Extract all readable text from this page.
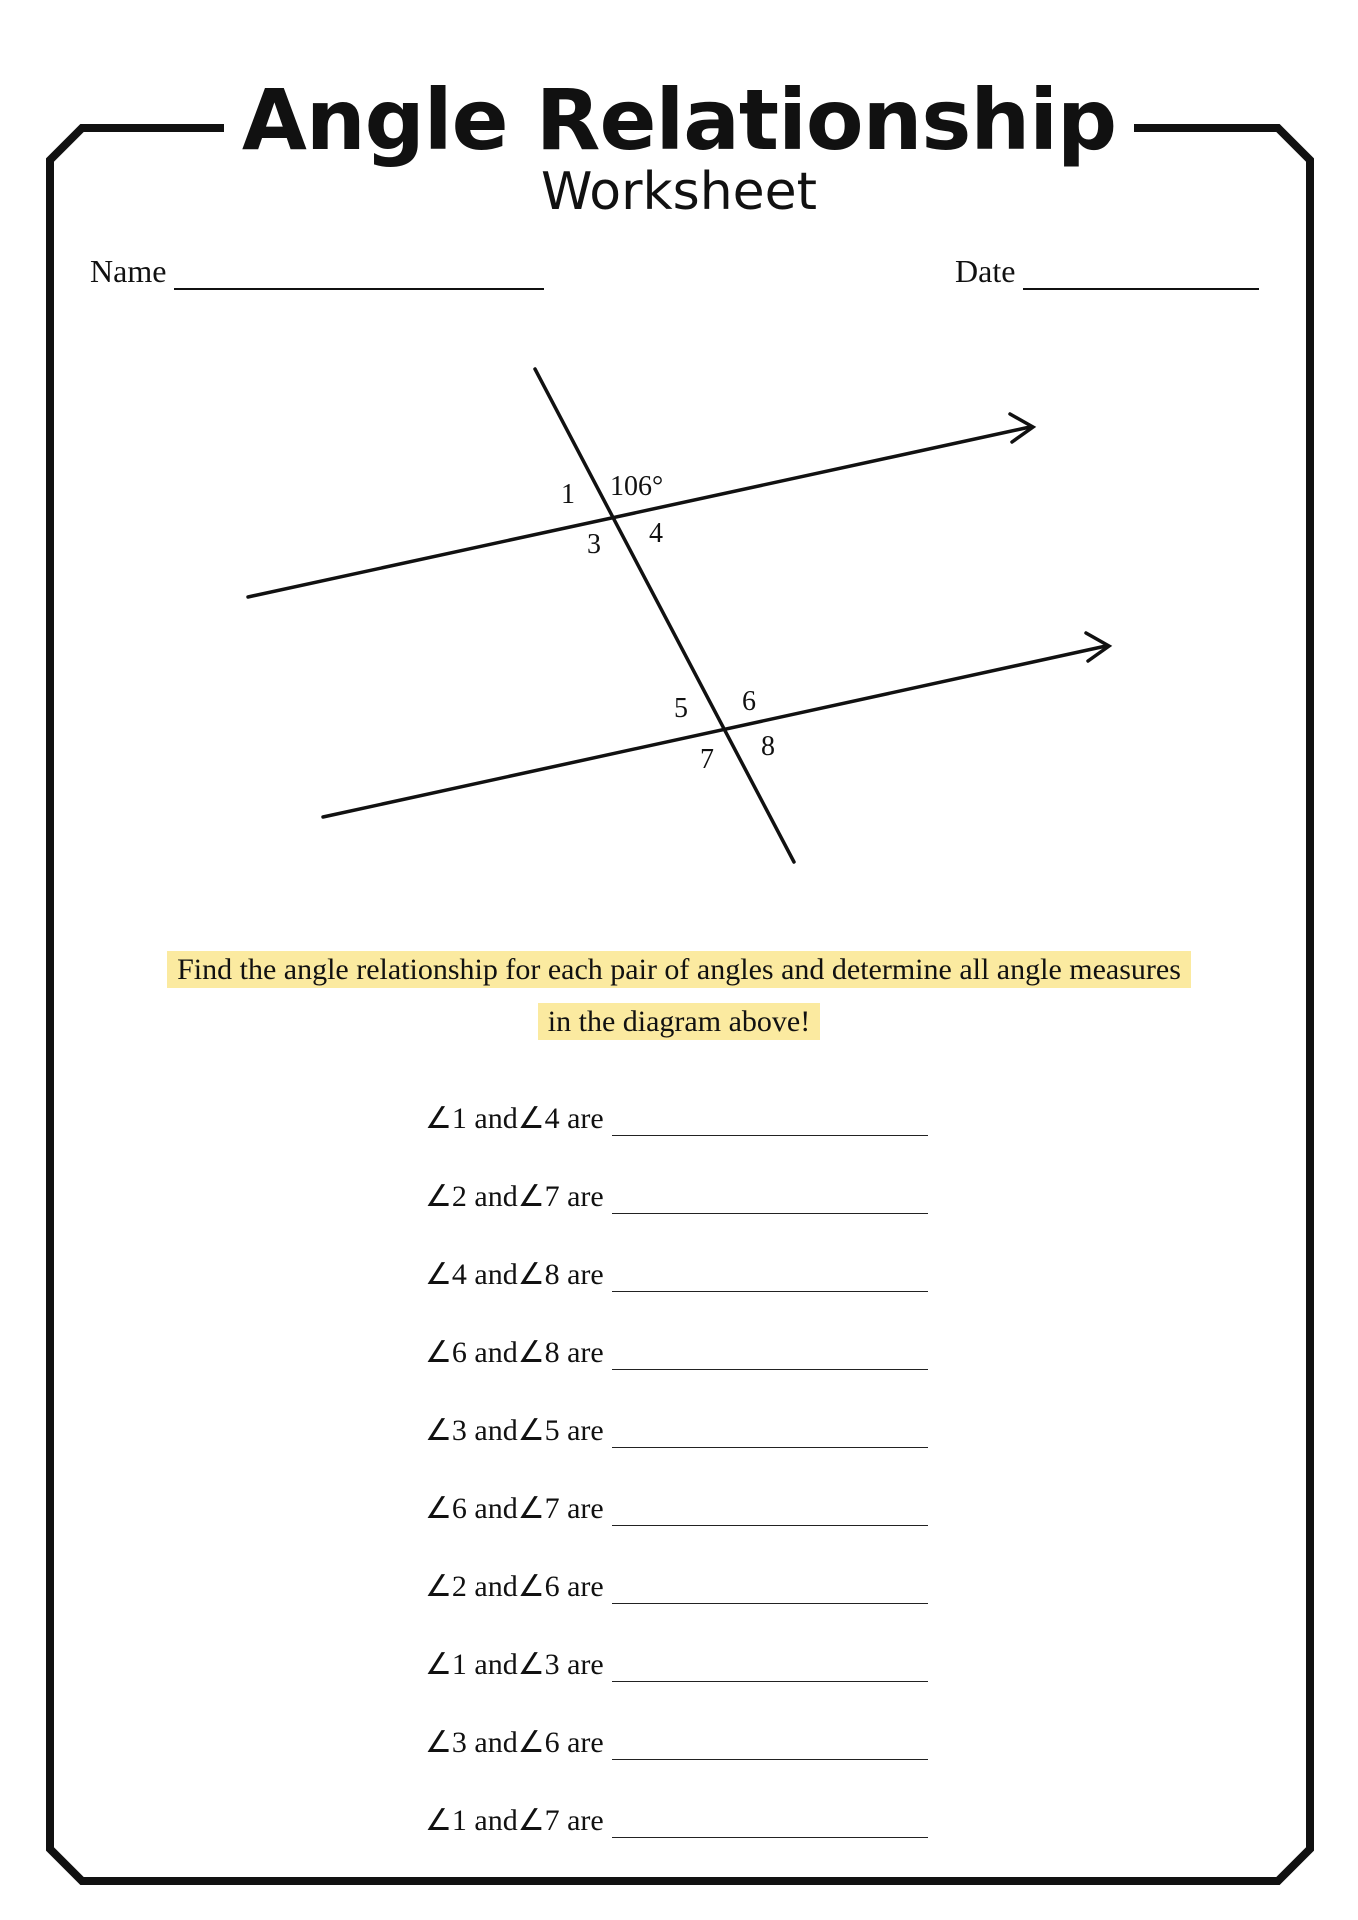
Angle Relationship
Worksheet
Name	Date
1 106°
3 4
5 6
7 8
Find the angle relationship for each pair of angles and determine all angle measures
in the diagram above!
∠1 and∠4 are
∠2 and∠7 are
∠4 and∠8 are
∠6 and∠8 are
∠3 and∠5 are
∠6 and∠7 are
∠2 and∠6 are
∠1 and∠3 are
∠3 and∠6 are
∠1 and∠7 are
